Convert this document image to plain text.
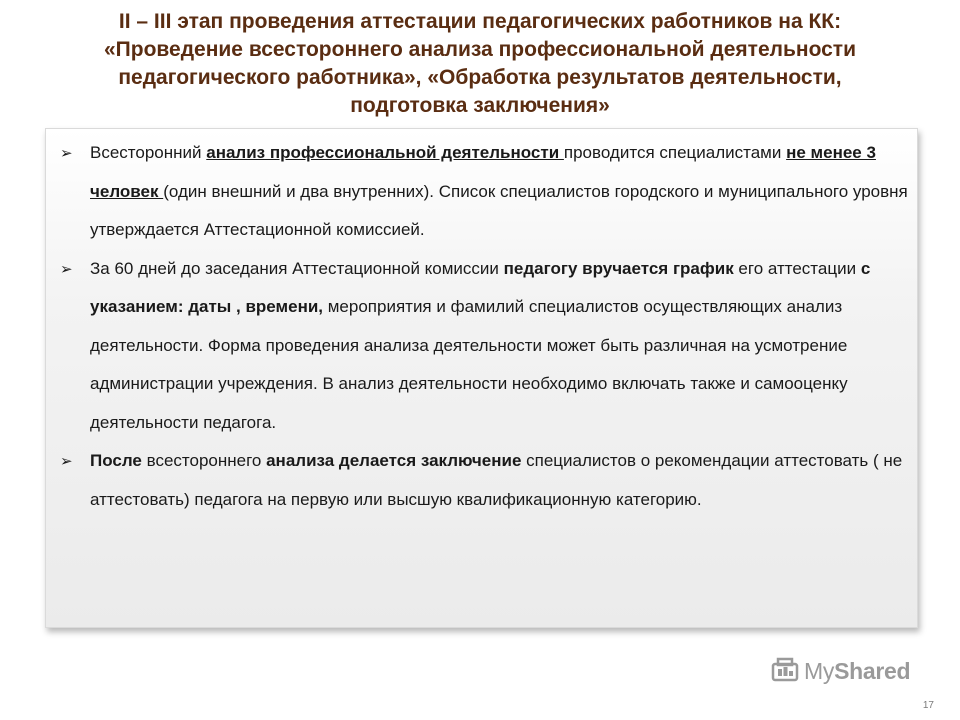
II – III этап проведения аттестации педагогических работников на КК:
«Проведение всестороннего анализа профессиональной деятельности
педагогического работника», «Обработка результатов деятельности,
подготовка заключения»
➢ Всесторонний анализ профессиональной деятельности проводится специалистами не менее 3 человек (один внешний и два внутренних). Список специалистов городского и муниципального уровня утверждается Аттестационной комиссией.
➢ За 60 дней до заседания Аттестационной комиссии педагогу вручается график его аттестации с указанием: даты , времени, мероприятия и фамилий специалистов осуществляющих анализ деятельности. Форма проведения анализа деятельности может быть различная на усмотрение администрации учреждения. В анализ деятельности необходимо включать также и самооценку деятельности педагога.
➢ После всестороннего анализа делается заключение специалистов о рекомендации аттестовать ( не аттестовать) педагога на первую или высшую квалификационную категорию.
MyShared
17
